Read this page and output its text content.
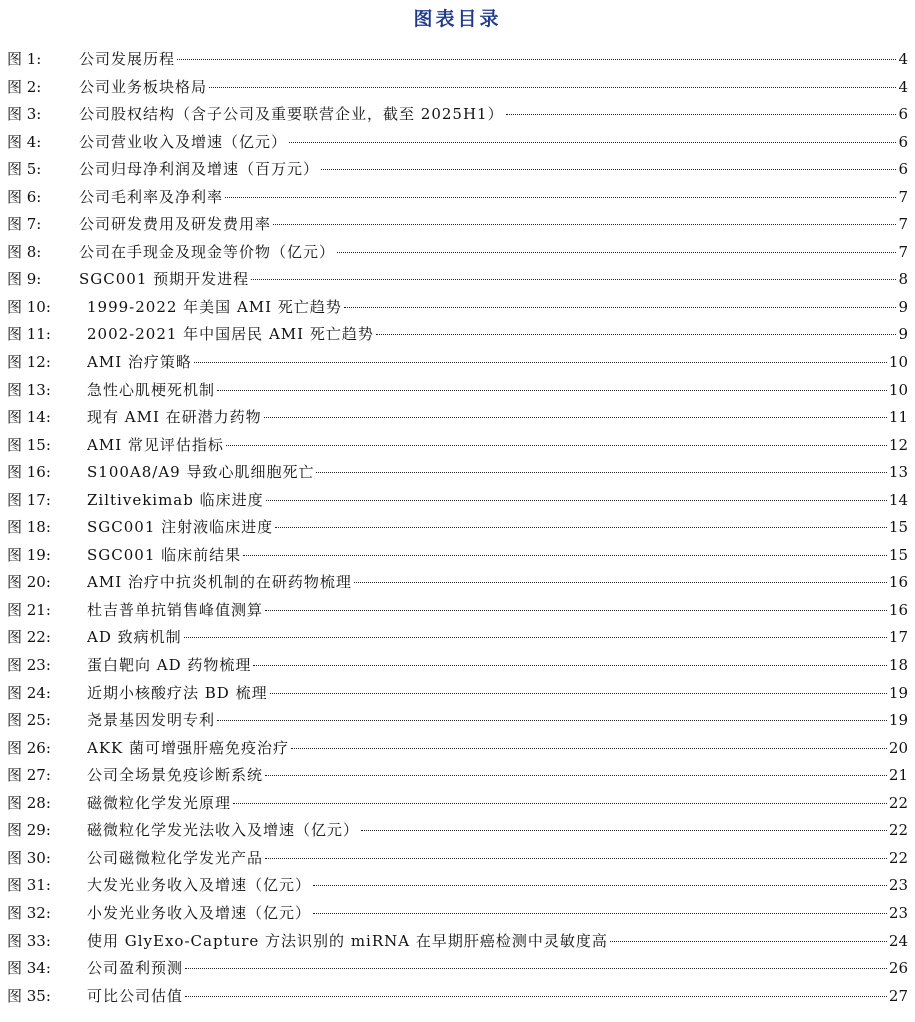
图表目录
图 1:	公司发展历程	4
图 2:	公司业务板块格局	4
图 3:	公司股权结构（含子公司及重要联营企业，截至 2025H1）	6
图 4:	公司营业收入及增速（亿元）	6
图 5:	公司归母净利润及增速（百万元）	6
图 6:	公司毛利率及净利率	7
图 7:	公司研发费用及研发费用率	7
图 8:	公司在手现金及现金等价物（亿元）	7
图 9:	SGC001 预期开发进程	8
图 10:	1999-2022 年美国 AMI 死亡趋势	9
图 11:	2002-2021 年中国居民 AMI 死亡趋势	9
图 12:	AMI 治疗策略	10
图 13:	急性心肌梗死机制	10
图 14:	现有 AMI 在研潜力药物	11
图 15:	AMI 常见评估指标	12
图 16:	S100A8/A9 导致心肌细胞死亡	13
图 17:	Ziltivekimab 临床进度	14
图 18:	SGC001 注射液临床进度	15
图 19:	SGC001 临床前结果	15
图 20:	AMI 治疗中抗炎机制的在研药物梳理	16
图 21:	杜吉普单抗销售峰值测算	16
图 22:	AD 致病机制	17
图 23:	蛋白靶向 AD 药物梳理	18
图 24:	近期小核酸疗法 BD 梳理	19
图 25:	尧景基因发明专利	19
图 26:	AKK 菌可增强肝癌免疫治疗	20
图 27:	公司全场景免疫诊断系统	21
图 28:	磁微粒化学发光原理	22
图 29:	磁微粒化学发光法收入及增速（亿元）	22
图 30:	公司磁微粒化学发光产品	22
图 31:	大发光业务收入及增速（亿元）	23
图 32:	小发光业务收入及增速（亿元）	23
图 33:	使用 GlyExo-Capture 方法识别的 miRNA 在早期肝癌检测中灵敏度高	24
图 34:	公司盈利预测	26
图 35:	可比公司估值	27
